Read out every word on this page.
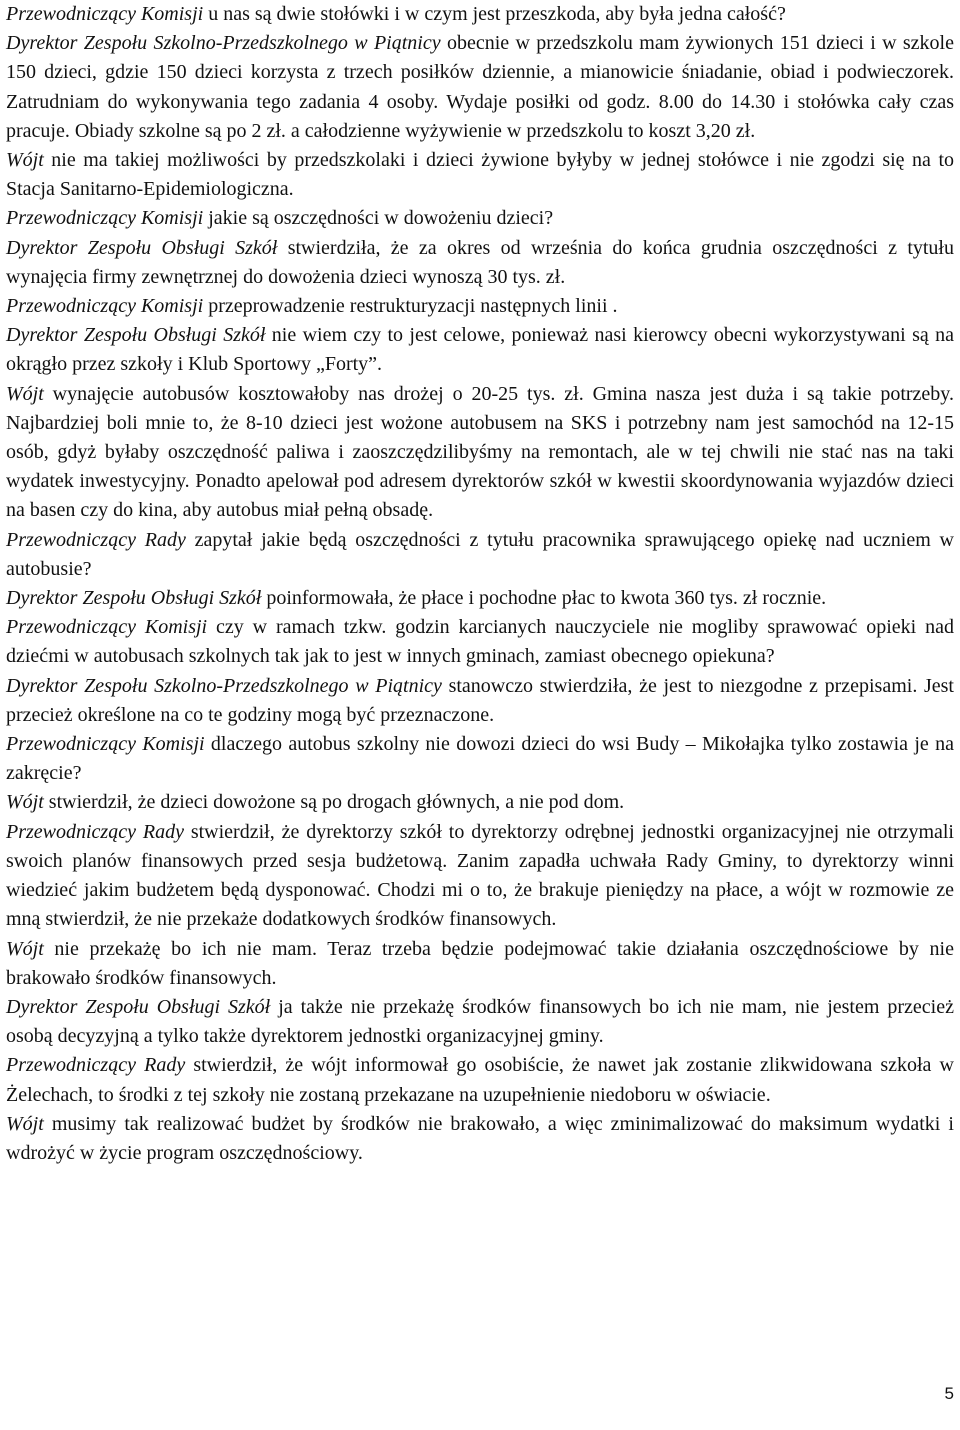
Przewodniczący Komisji u nas są dwie stołówki i w czym jest przeszkoda, aby była jedna całość?

Dyrektor Zespołu Szkolno-Przedszkolnego w Piątnicy obecnie w przedszkolu mam żywionych 151 dzieci i w szkole 150 dzieci, gdzie 150 dzieci korzysta z trzech posiłków dziennie, a mianowicie śniadanie, obiad i podwieczorek. Zatrudniam do wykonywania tego zadania 4 osoby. Wydaje posiłki od godz. 8.00 do 14.30 i stołówka cały czas pracuje. Obiady szkolne są po 2 zł. a całodzienne wyżywienie w przedszkolu to koszt 3,20 zł.

Wójt nie ma takiej możliwości by przedszkolaki i dzieci żywione byłyby w jednej stołówce i nie zgodzi się na to Stacja Sanitarno-Epidemiologiczna.

Przewodniczący Komisji jakie są oszczędności w dowożeniu dzieci?

Dyrektor Zespołu Obsługi Szkół stwierdziła, że za okres od września do końca grudnia oszczędności z tytułu wynajęcia firmy zewnętrznej do dowożenia dzieci wynoszą 30 tys. zł.

Przewodniczący Komisji przeprowadzenie restrukturyzacji następnych linii .

Dyrektor Zespołu Obsługi Szkół nie wiem czy to jest celowe, ponieważ nasi kierowcy obecni wykorzystywani są na okrągło przez szkoły i Klub Sportowy „Forty”.

Wójt wynajęcie autobusów kosztowałoby nas drożej o 20-25 tys. zł. Gmina nasza jest duża i są takie potrzeby. Najbardziej boli mnie to, że 8-10 dzieci jest wożone autobusem na SKS i potrzebny nam jest samochód na 12-15 osób, gdyż byłaby oszczędność paliwa i zaoszczędzilibyśmy na remontach, ale w tej chwili nie stać nas na taki wydatek inwestycyjny. Ponadto apelował pod adresem dyrektorów szkół w kwestii skoordynowania wyjazdów dzieci na basen czy do kina, aby autobus miał pełną obsadę.

Przewodniczący Rady zapytał jakie będą oszczędności z tytułu pracownika sprawującego opiekę nad uczniem w autobusie?

Dyrektor Zespołu Obsługi Szkół poinformowała, że płace i pochodne płac to kwota 360 tys. zł rocznie.

Przewodniczący Komisji czy w ramach tzkw. godzin karcianych nauczyciele nie mogliby sprawować opieki nad dziećmi w autobusach szkolnych tak jak to jest w innych gminach, zamiast obecnego opiekuna?

Dyrektor Zespołu Szkolno-Przedszkolnego w Piątnicy stanowczo stwierdziła, że jest to niezgodne z przepisami. Jest przecież określone na co te godziny mogą być przeznaczone.

Przewodniczący Komisji dlaczego autobus szkolny nie dowozi dzieci do wsi Budy – Mikołajka tylko zostawia je na zakręcie?

Wójt stwierdził, że dzieci dowożone są po drogach głównych, a nie pod dom.

Przewodniczący Rady stwierdził, że dyrektorzy szkół to dyrektorzy odrębnej jednostki organizacyjnej nie otrzymali swoich planów finansowych przed sesja budżetową. Zanim zapadła uchwała Rady Gminy, to dyrektorzy winni wiedzieć jakim budżetem będą dysponować. Chodzi mi o to, że brakuje pieniędzy na płace, a wójt w rozmowie ze mną stwierdził, że nie przekaże dodatkowych środków finansowych.

Wójt nie przekażę bo ich nie mam. Teraz trzeba będzie podejmować takie działania oszczędnościowe by nie brakowało środków finansowych.

Dyrektor Zespołu Obsługi Szkół ja także nie przekażę środków finansowych bo ich nie mam, nie jestem przecież osobą decyzyjną a tylko także dyrektorem jednostki organizacyjnej gminy.

Przewodniczący Rady stwierdził, że wójt informował go osobiście, że nawet jak zostanie zlikwidowana szkoła w Żelechach, to środki z tej szkoły nie zostaną przekazane na uzupełnienie niedoboru w oświacie.

Wójt musimy tak realizować budżet by środków nie brakowało, a więc zminimalizować do maksimum wydatki i wdrożyć w życie program oszczędnościowy.

5
